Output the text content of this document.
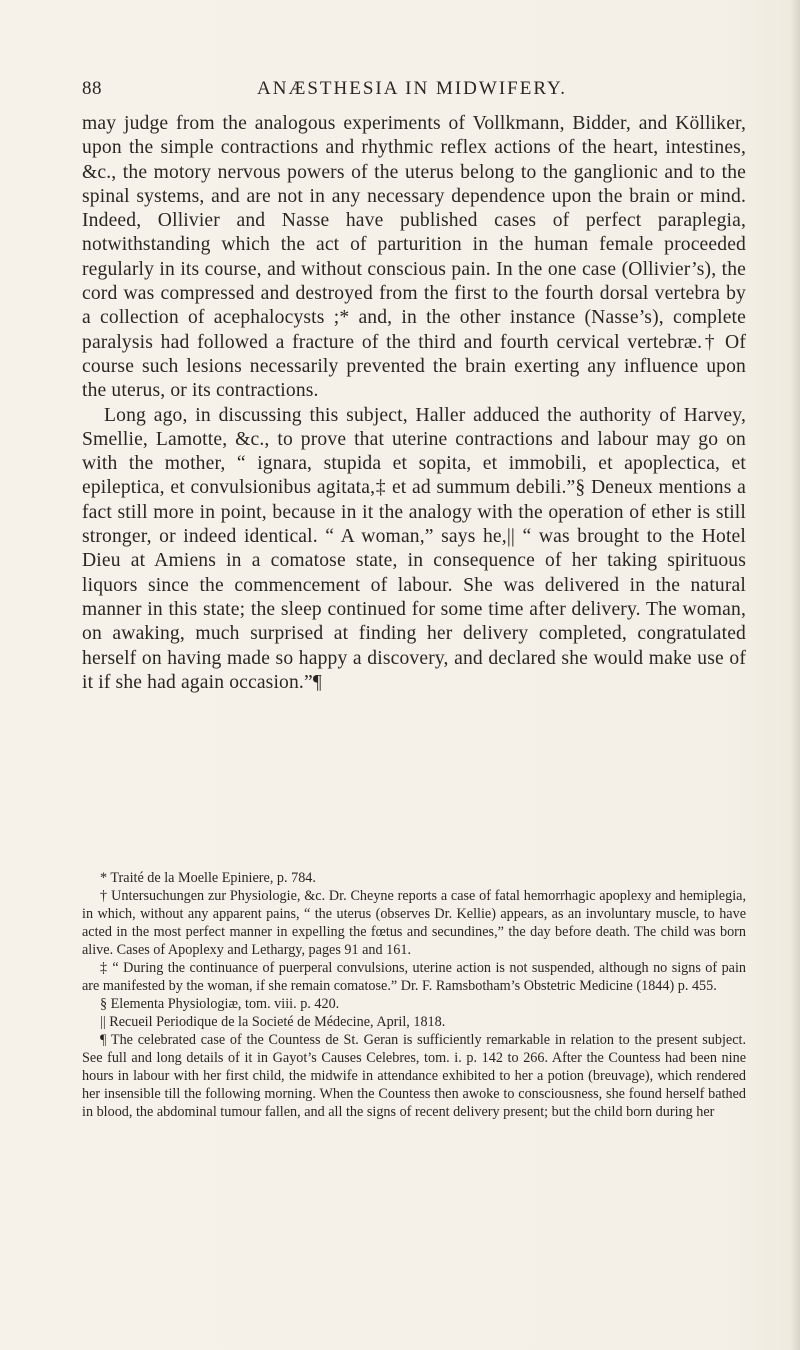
88	ANÆSTHESIA IN MIDWIFERY.

may judge from the analogous experiments of Vollkmann, Bidder, and Kölliker, upon the simple contractions and rhythmic reflex actions of the heart, intestines, &c., the motory nervous powers of the uterus belong to the ganglionic and to the spinal systems, and are not in any necessary dependence upon the brain or mind. Indeed, Ollivier and Nasse have published cases of perfect paraplegia, notwithstanding which the act of parturition in the human female proceeded regularly in its course, and without conscious pain. In the one case (Ollivier’s), the cord was compressed and destroyed from the first to the fourth dorsal vertebra by a collection of acephalocysts ;* and, in the other instance (Nasse’s), complete paralysis had followed a fracture of the third and fourth cervical vertebræ.† Of course such lesions necessarily prevented the brain exerting any influence upon the uterus, or its contractions.

Long ago, in discussing this subject, Haller adduced the authority of Harvey, Smellie, Lamotte, &c., to prove that uterine contractions and labour may go on with the mother, “ ignara, stupida et sopita, et immobili, et apoplectica, et epileptica, et convulsionibus agitata,‡ et ad summum debili.”§ Deneux mentions a fact still more in point, because in it the analogy with the operation of ether is still stronger, or indeed identical. “ A woman,” says he,|| “ was brought to the Hotel Dieu at Amiens in a comatose state, in consequence of her taking spirituous liquors since the commencement of labour. She was delivered in the natural manner in this state; the sleep continued for some time after delivery. The woman, on awaking, much surprised at finding her delivery completed, congratulated herself on having made so happy a discovery, and declared she would make use of it if she had again occasion.”¶

* Traité de la Moelle Epiniere, p. 784.

† Untersuchungen zur Physiologie, &c. Dr. Cheyne reports a case of fatal hemorrhagic apoplexy and hemiplegia, in which, without any apparent pains, “ the uterus (observes Dr. Kellie) appears, as an involuntary muscle, to have acted in the most perfect manner in expelling the fœtus and secundines,” the day before death. The child was born alive. Cases of Apoplexy and Lethargy, pages 91 and 161.

‡ “ During the continuance of puerperal convulsions, uterine action is not suspended, although no signs of pain are manifested by the woman, if she remain comatose.” Dr. F. Ramsbotham’s Obstetric Medicine (1844) p. 455.

§ Elementa Physiologiæ, tom. viii. p. 420.

|| Recueil Periodique de la Societé de Médecine, April, 1818.

¶ The celebrated case of the Countess de St. Geran is sufficiently remarkable in relation to the present subject. See full and long details of it in Gayot’s Causes Celebres, tom. i. p. 142 to 266. After the Countess had been nine hours in labour with her first child, the midwife in attendance exhibited to her a potion (breuvage), which rendered her insensible till the following morning. When the Countess then awoke to consciousness, she found herself bathed in blood, the abdominal tumour fallen, and all the signs of recent delivery present; but the child born during her
